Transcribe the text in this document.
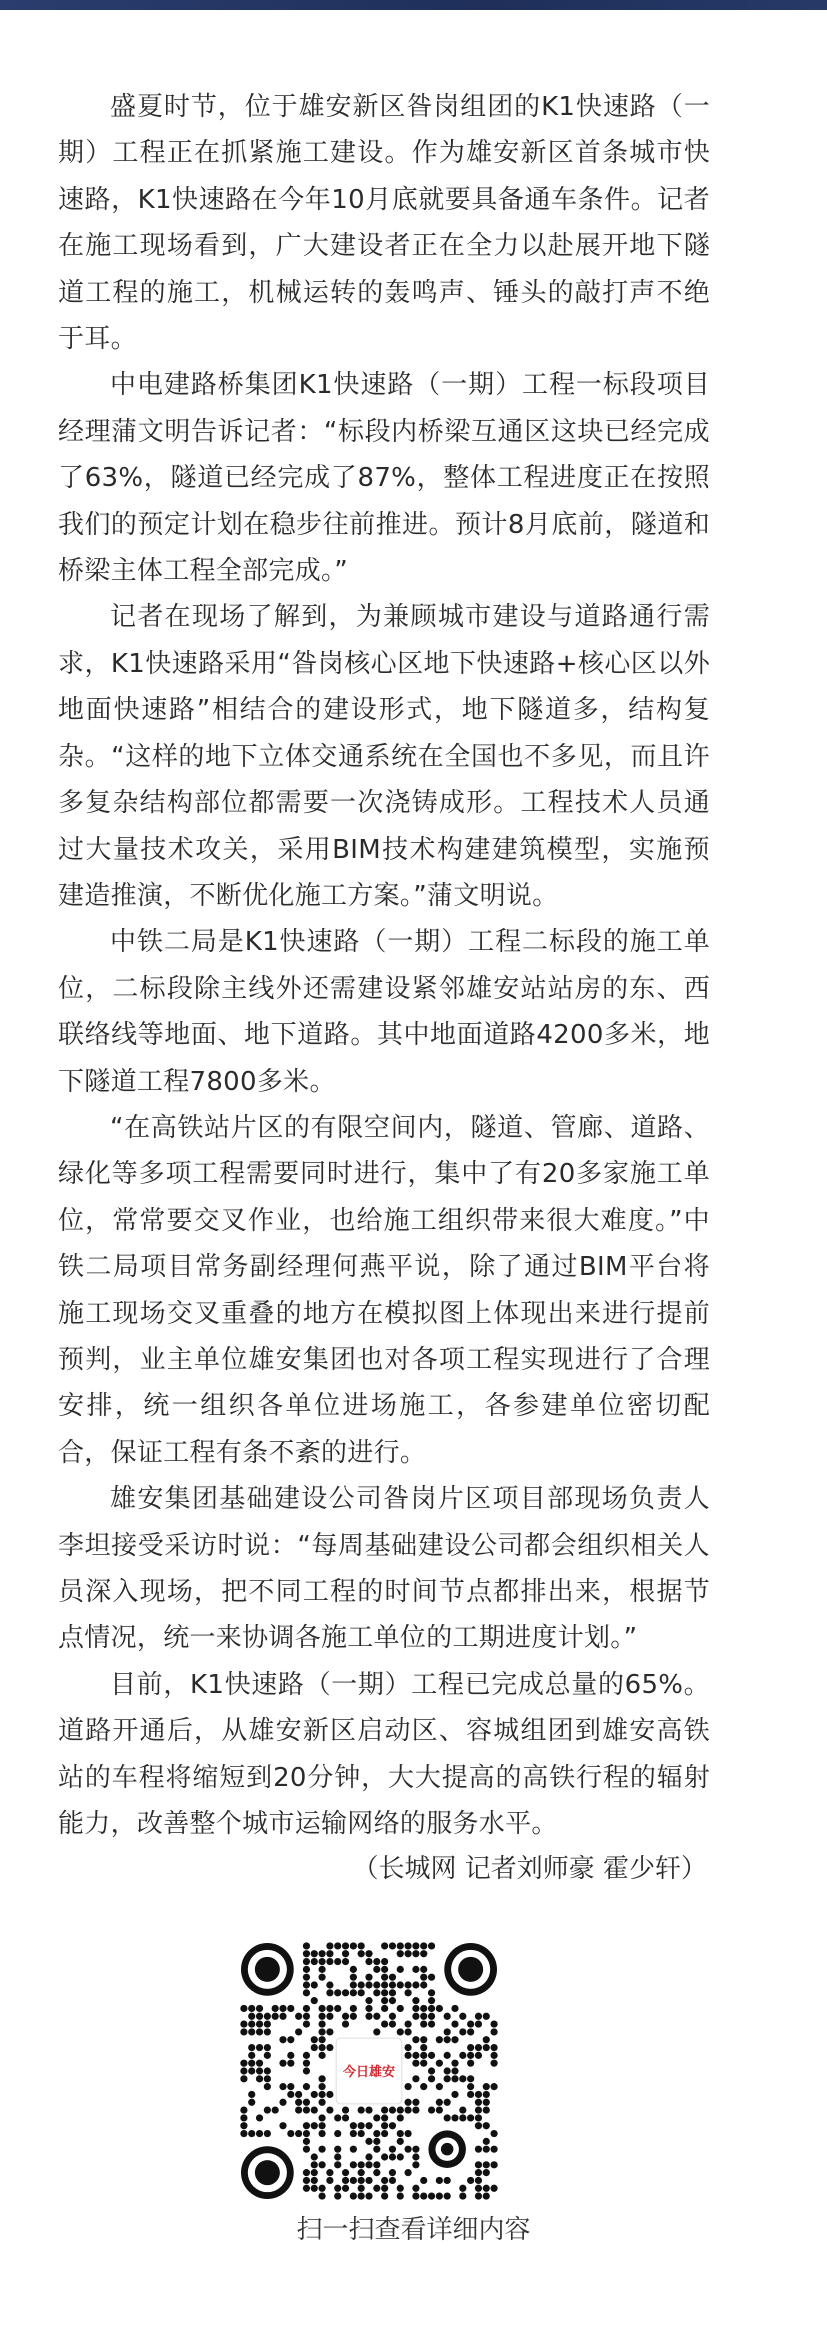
盛夏时节，位于雄安新区昝岗组团的K1快速路（一期）工程正在抓紧施工建设。作为雄安新区首条城市快速路，K1快速路在今年10月底就要具备通车条件。记者在施工现场看到，广大建设者正在全力以赴展开地下隧道工程的施工，机械运转的轰鸣声、锤头的敲打声不绝于耳。

中电建路桥集团K1快速路（一期）工程一标段项目经理蒲文明告诉记者：“标段内桥梁互通区这块已经完成了63%，隧道已经完成了87%，整体工程进度正在按照我们的预定计划在稳步往前推进。预计8月底前，隧道和桥梁主体工程全部完成。”

记者在现场了解到，为兼顾城市建设与道路通行需求，K1快速路采用“昝岗核心区地下快速路+核心区以外地面快速路”相结合的建设形式，地下隧道多，结构复杂。“这样的地下立体交通系统在全国也不多见，而且许多复杂结构部位都需要一次浇铸成形。工程技术人员通过大量技术攻关，采用BIM技术构建建筑模型，实施预建造推演，不断优化施工方案。”蒲文明说。

中铁二局是K1快速路（一期）工程二标段的施工单位，二标段除主线外还需建设紧邻雄安站站房的东、西联络线等地面、地下道路。其中地面道路4200多米，地下隧道工程7800多米。

“在高铁站片区的有限空间内，隧道、管廊、道路、绿化等多项工程需要同时进行，集中了有20多家施工单位，常常要交叉作业，也给施工组织带来很大难度。”中铁二局项目常务副经理何燕平说，除了通过BIM平台将施工现场交叉重叠的地方在模拟图上体现出来进行提前预判，业主单位雄安集团也对各项工程实现进行了合理安排，统一组织各单位进场施工，各参建单位密切配合，保证工程有条不紊的进行。

雄安集团基础建设公司昝岗片区项目部现场负责人李坦接受采访时说：“每周基础建设公司都会组织相关人员深入现场，把不同工程的时间节点都排出来，根据节点情况，统一来协调各施工单位的工期进度计划。”

目前，K1快速路（一期）工程已完成总量的65%。道路开通后，从雄安新区启动区、容城组团到雄安高铁站的车程将缩短到20分钟，大大提高的高铁行程的辐射能力，改善整个城市运输网络的服务水平。

（长城网 记者刘师豪 霍少轩）
今日雄安
扫一扫查看详细内容
